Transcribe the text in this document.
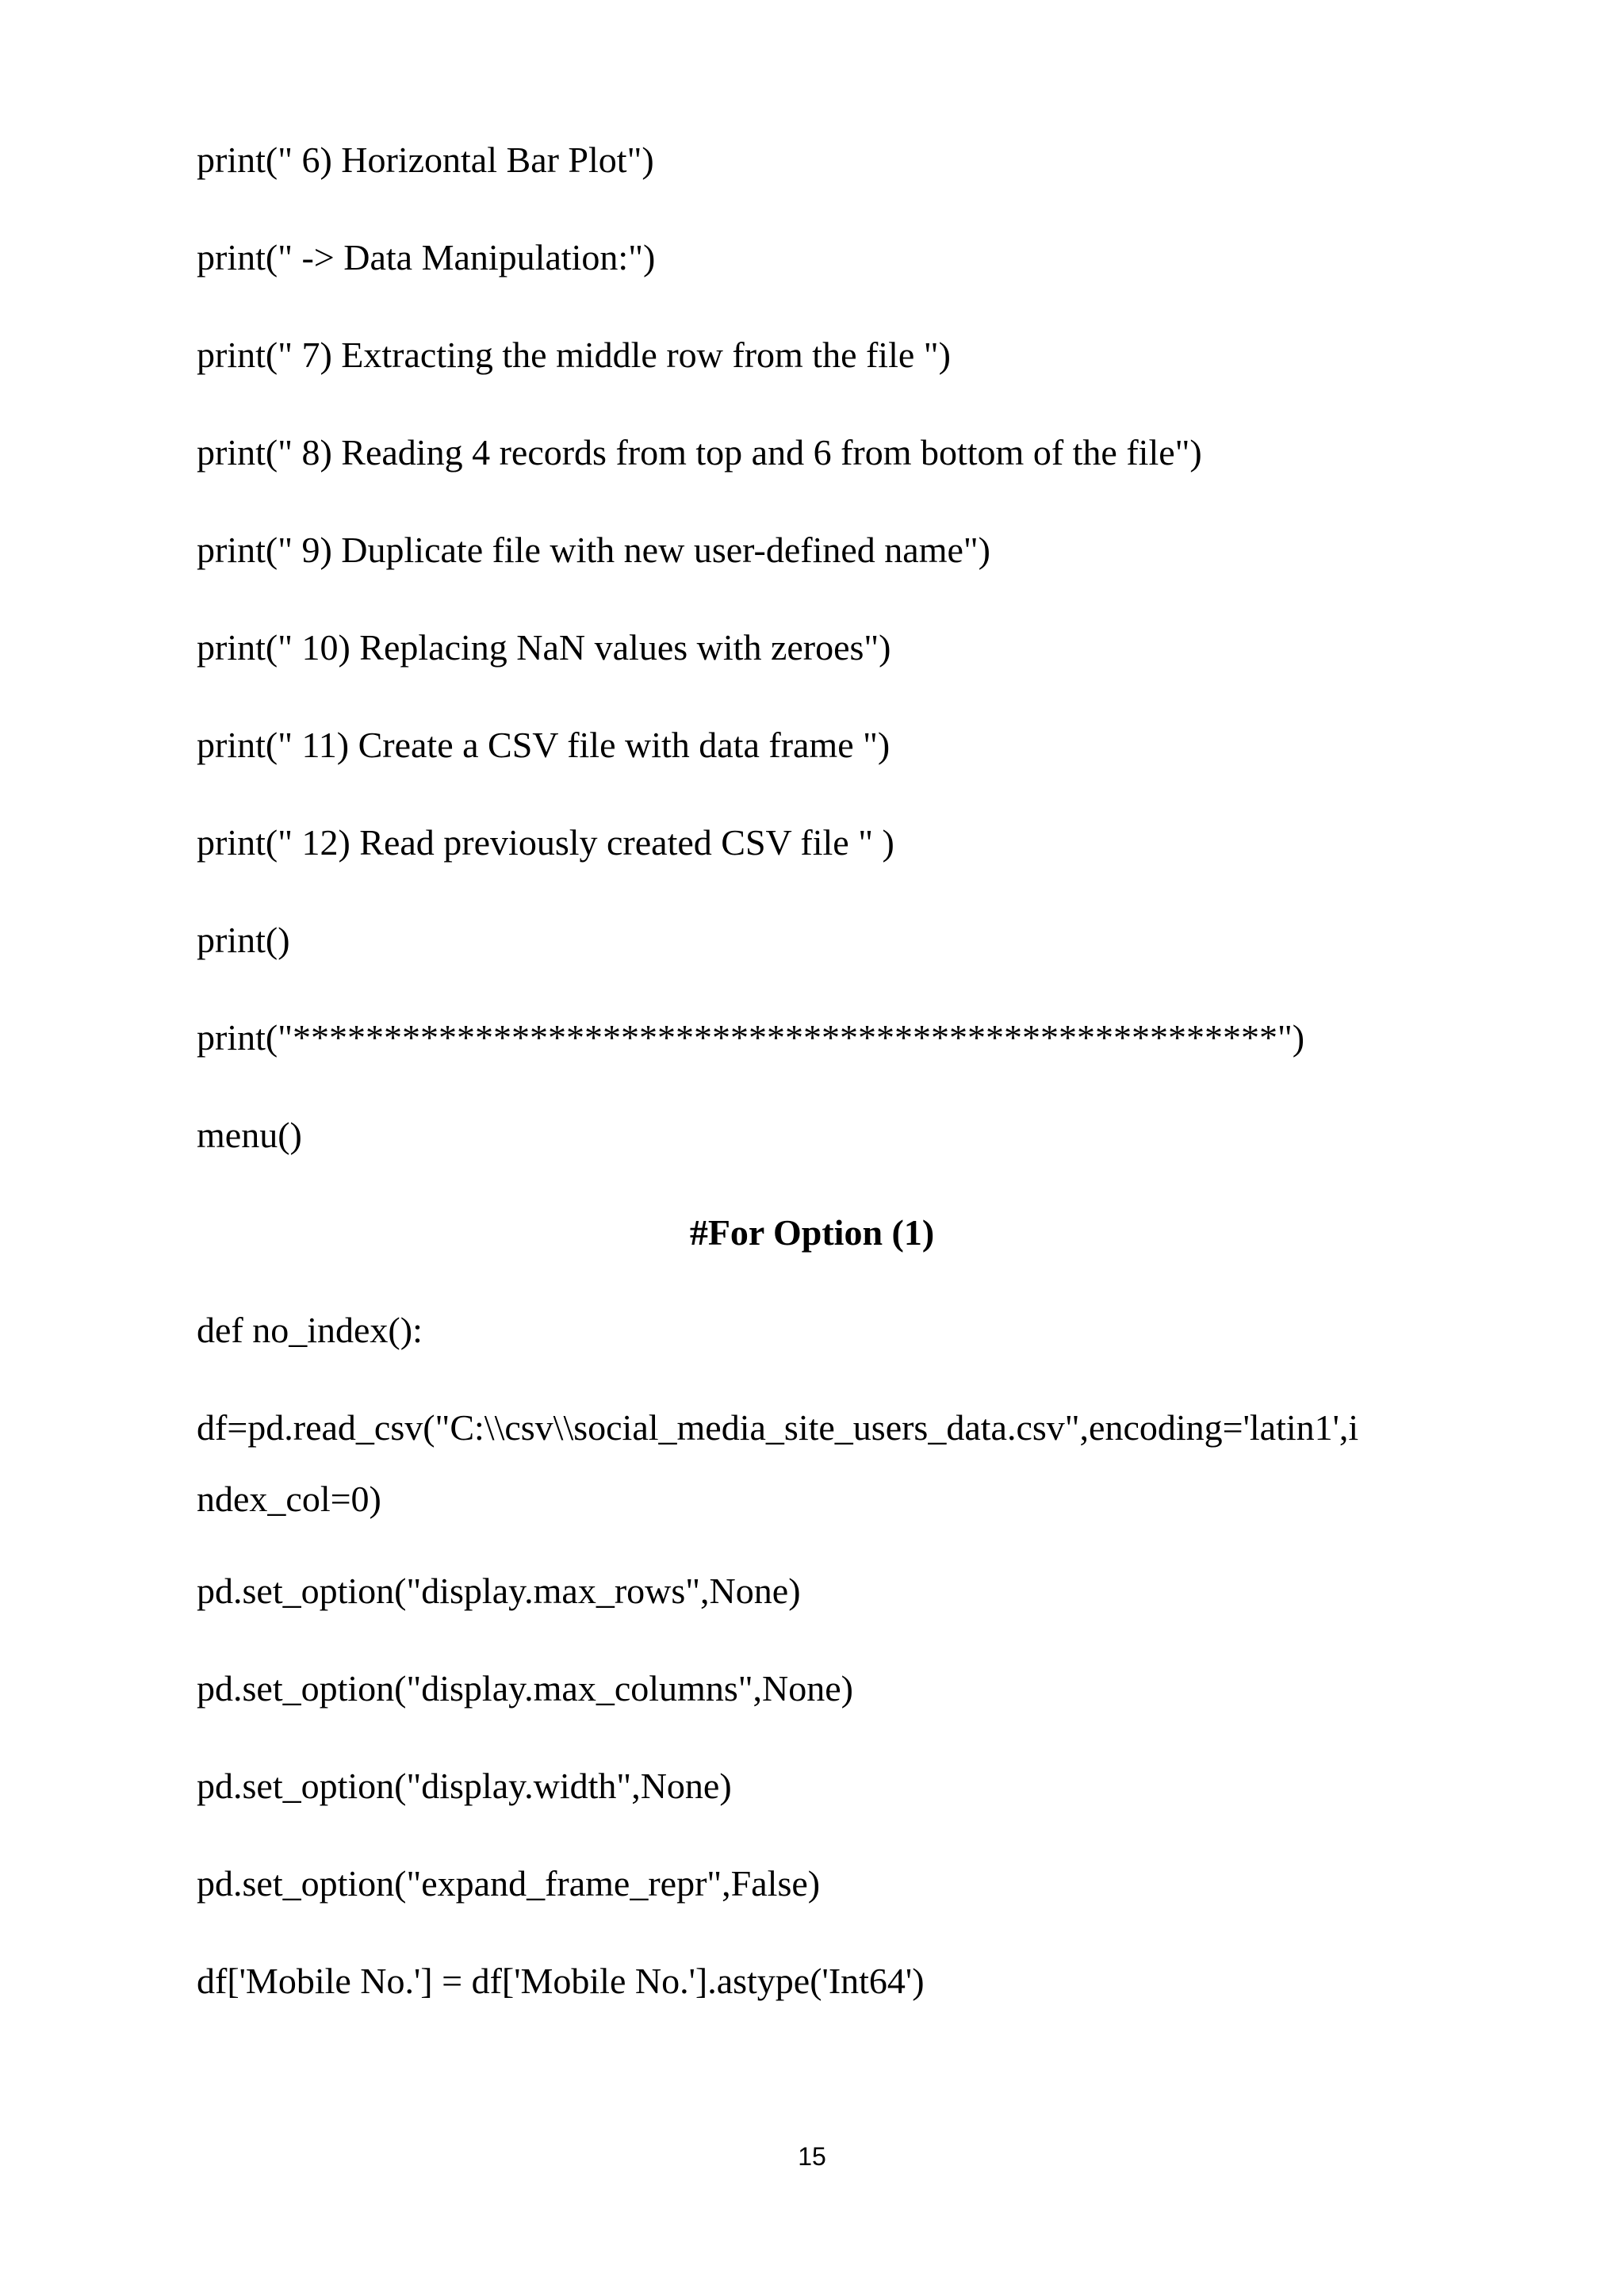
print(" 6) Horizontal Bar Plot")
print(" -> Data Manipulation:")
print(" 7) Extracting the middle row from the file ")
print(" 8) Reading 4 records from top and 6 from bottom of the file")
print(" 9) Duplicate file with new user-defined name")
print(" 10) Replacing NaN values with zeroes")
print(" 11) Create a CSV file with data frame ")
print(" 12) Read previously created CSV file " )
print()
print("******************************************************")
menu()
#For Option (1)
def no_index():
df=pd.read_csv("C:\\csv\\social_media_site_users_data.csv",encoding='latin1',i
ndex_col=0)
pd.set_option("display.max_rows",None)
pd.set_option("display.max_columns",None)
pd.set_option("display.width",None)
pd.set_option("expand_frame_repr",False)
df['Mobile No.'] = df['Mobile No.'].astype('Int64')
15
